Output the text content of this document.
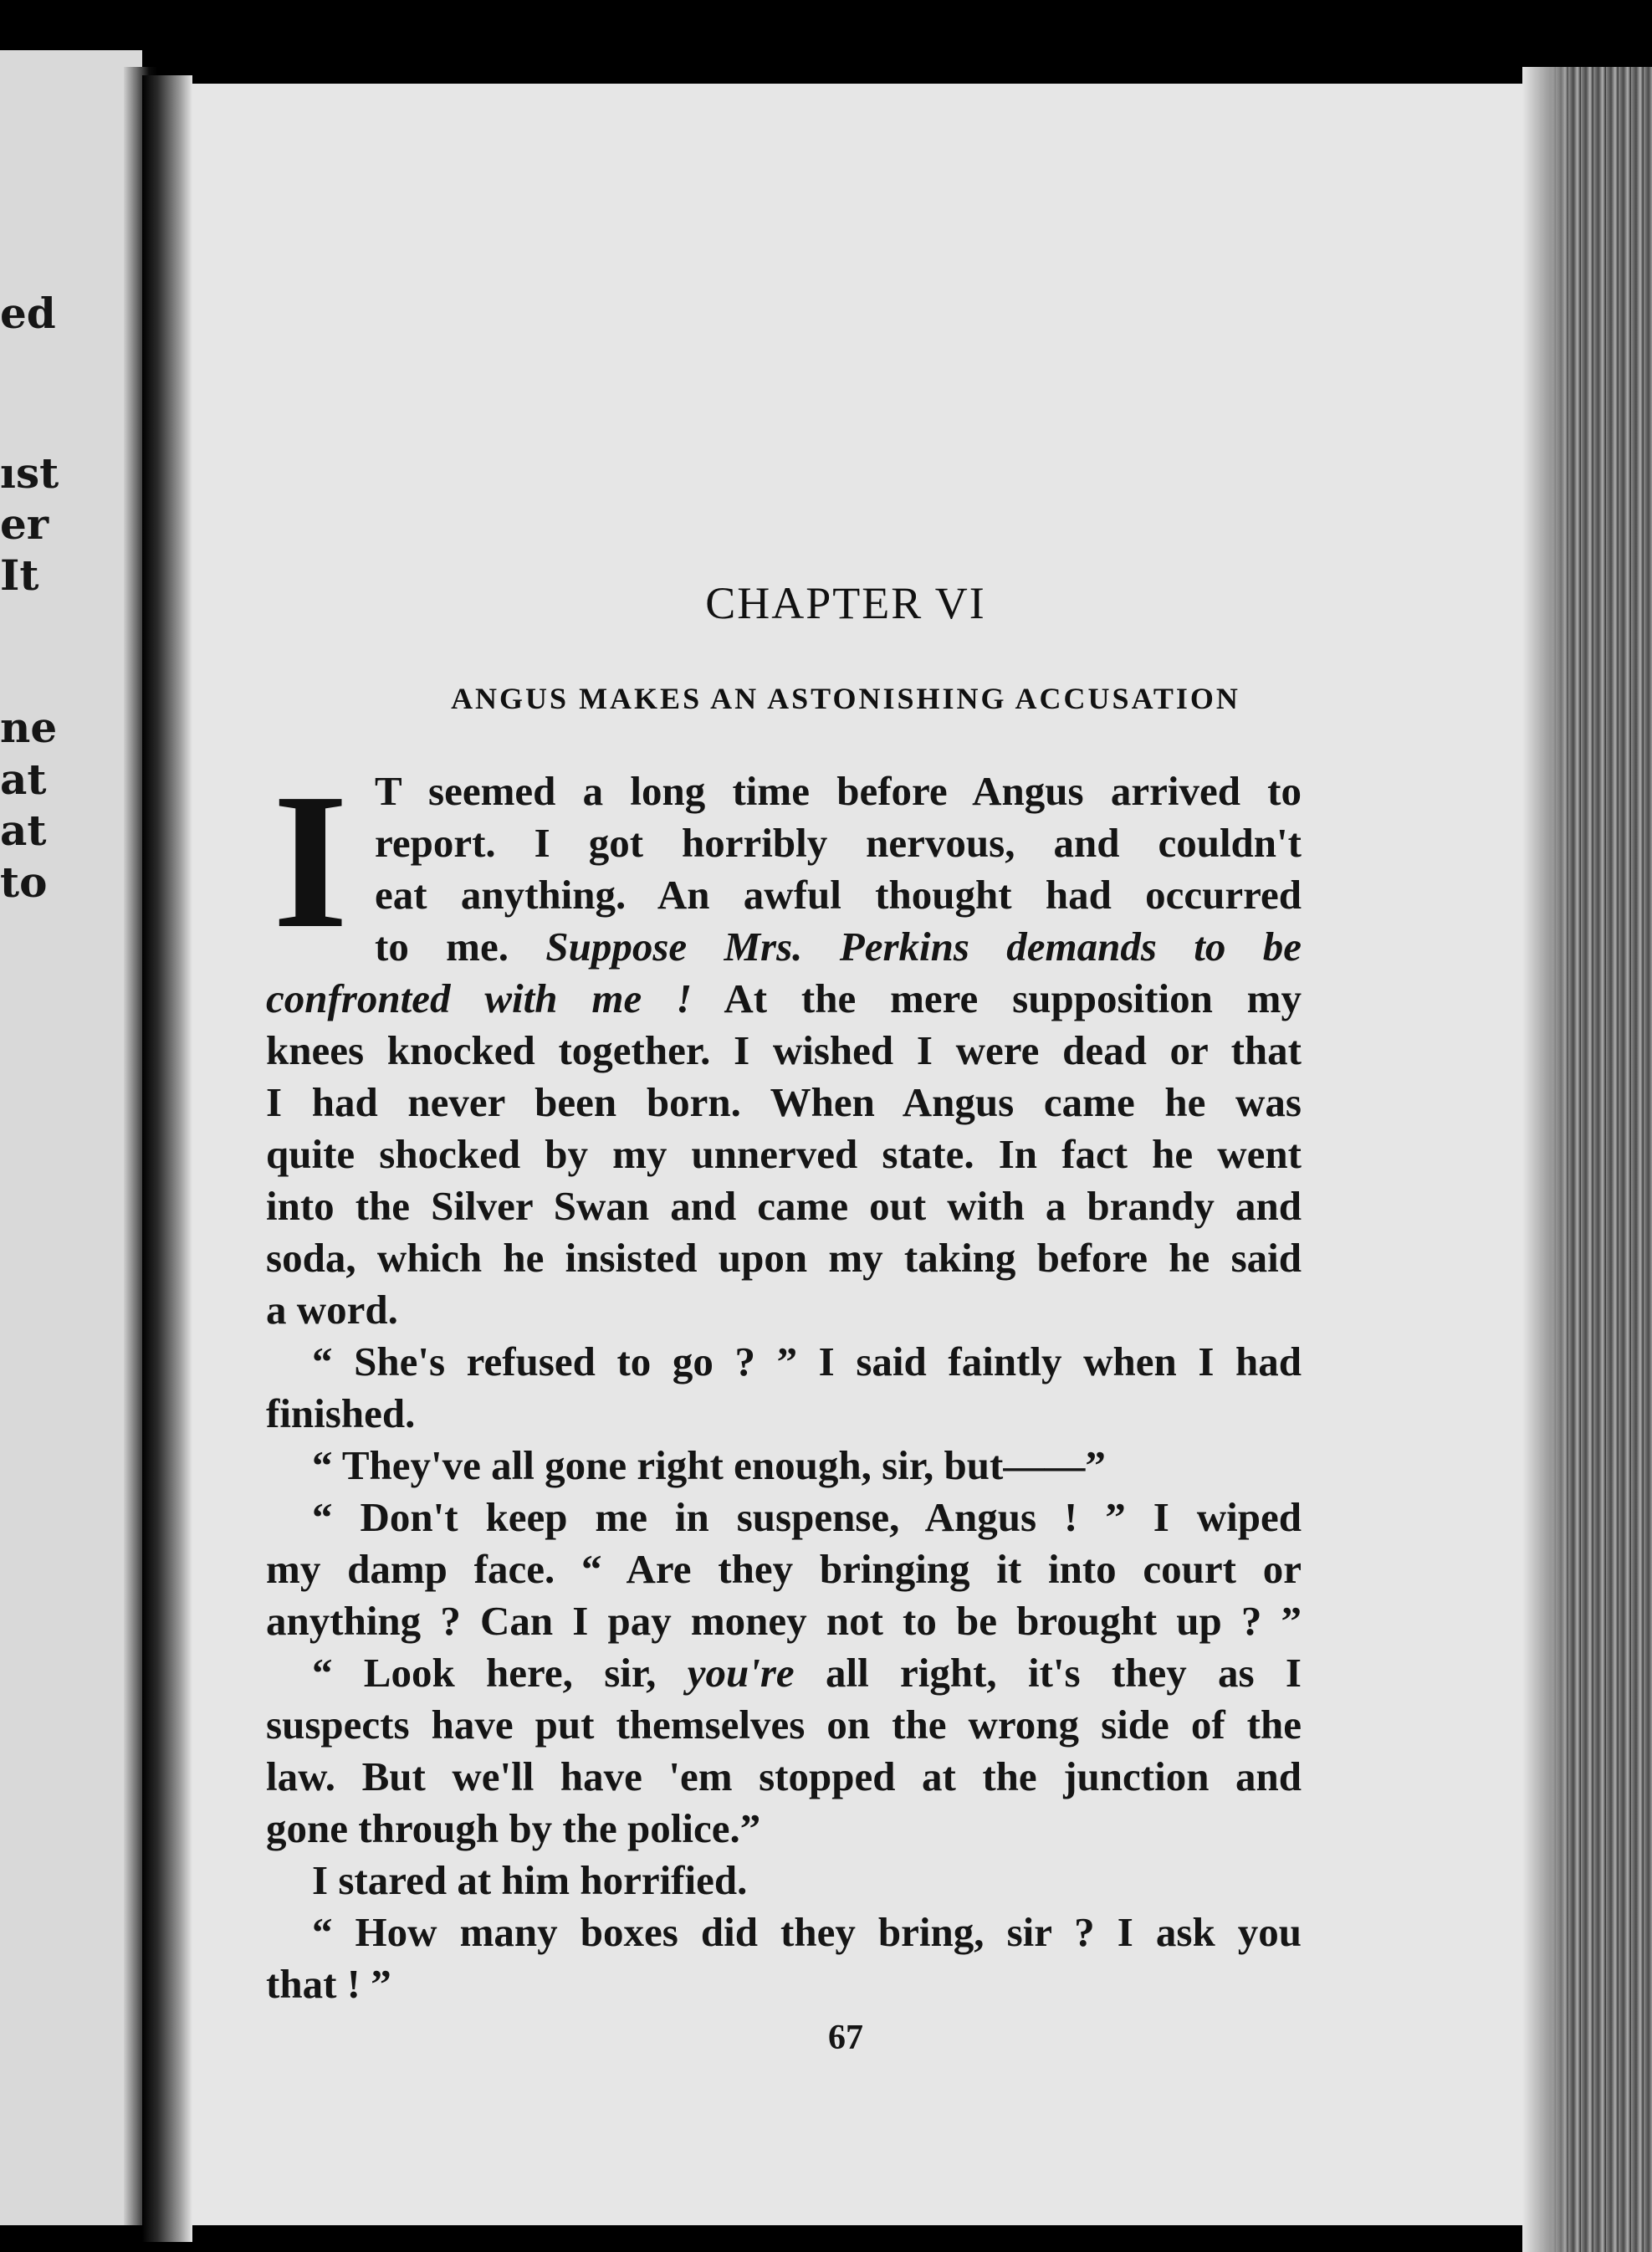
ed
ıst
er
It
ne
at
at
to
CHAPTER VI
ANGUS MAKES AN ASTONISHING ACCUSATION
I T seemed a long time before Angus arrived to
report. I got horribly nervous, and couldn't
eat anything. An awful thought had occurred
to me. Suppose Mrs. Perkins demands to be
confronted with me ! At the mere supposition my
knees knocked together. I wished I were dead or that
I had never been born. When Angus came he was
quite shocked by my unnerved state. In fact he went
into the Silver Swan and came out with a brandy and
soda, which he insisted upon my taking before he said
a word.
“ She's refused to go ? ” I said faintly when I had
finished.
“ They've all gone right enough, sir, but——”
“ Don't keep me in suspense, Angus ! ” I wiped
my damp face. “ Are they bringing it into court or
anything ? Can I pay money not to be brought up ? ”
“ Look here, sir, you're all right, it's they as I
suspects have put themselves on the wrong side of the
law. But we'll have 'em stopped at the junction and
gone through by the police.”
I stared at him horrified.
“ How many boxes did they bring, sir ? I ask you
that ! ”
67
